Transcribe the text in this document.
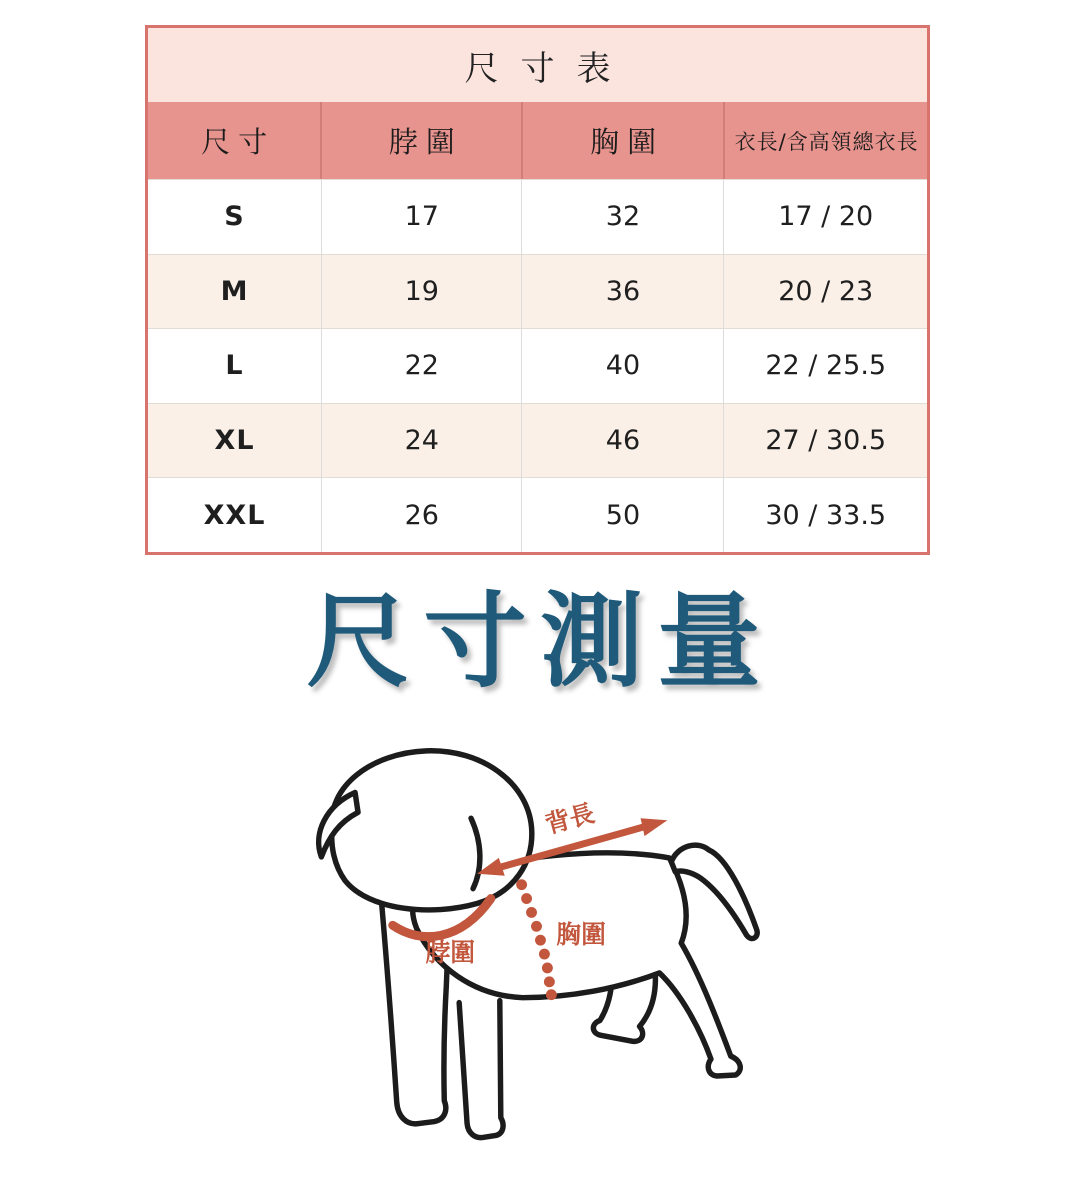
尺寸表
尺寸	脖圍	胸圍	衣長/含高領總衣長
S	17	32	17 / 20
M	19	36	20 / 23
L	22	40	22 / 25.5
XL	24	46	27 / 30.5
XXL	26	50	30 / 33.5
尺寸測量
背長
脖圍
胸圍
